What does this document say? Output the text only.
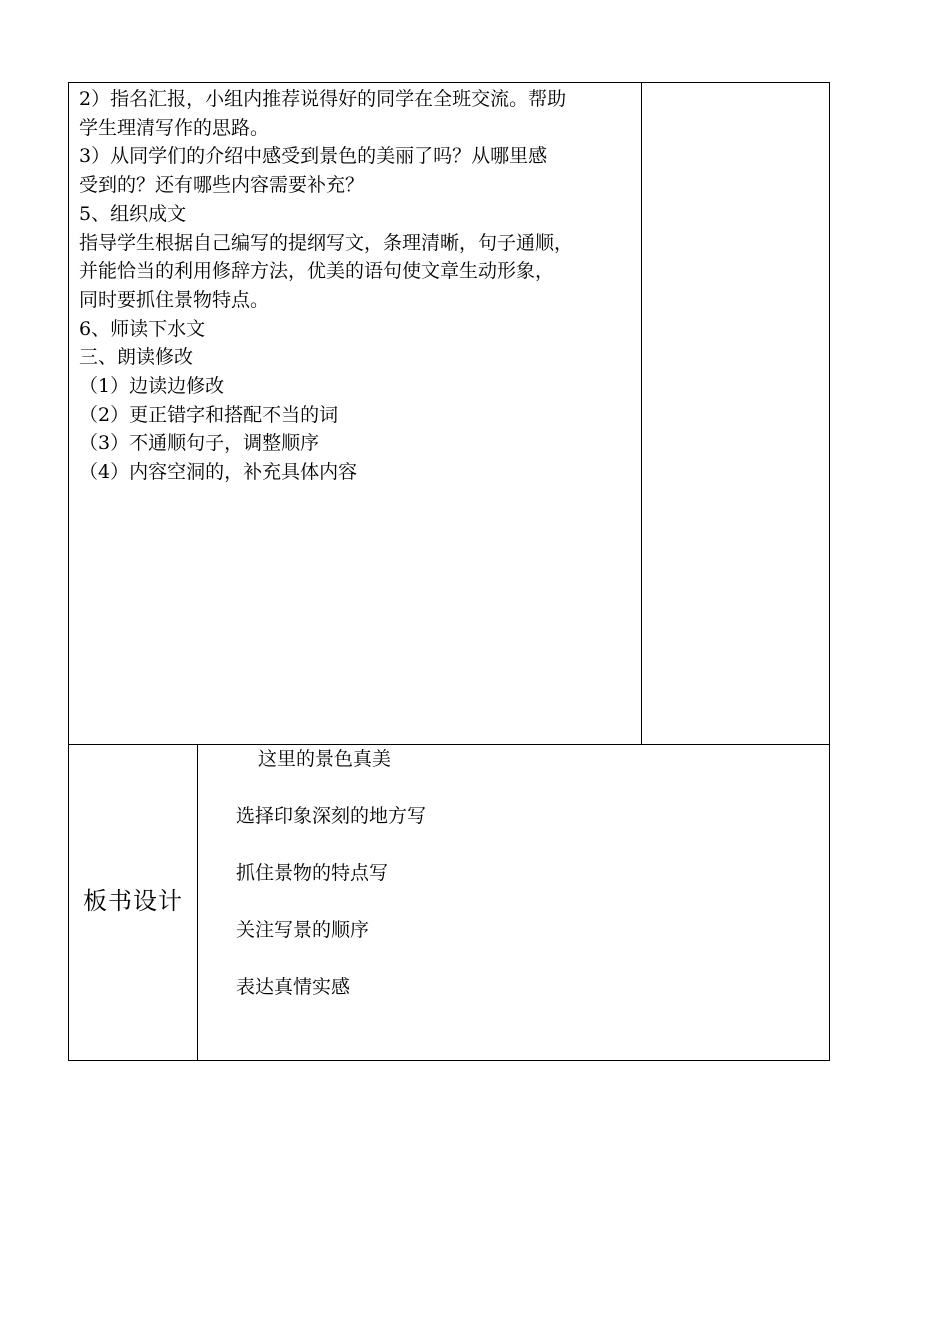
2）指名汇报，小组内推荐说得好的同学在全班交流。帮助
学生理清写作的思路。
3）从同学们的介绍中感受到景色的美丽了吗？从哪里感
受到的？还有哪些内容需要补充？
5、组织成文
指导学生根据自己编写的提纲写文，条理清晰，句子通顺，
并能恰当的利用修辞方法，优美的语句使文章生动形象，
同时要抓住景物特点。
6、师读下水文
三、朗读修改
（1）边读边修改
（2）更正错字和搭配不当的词
（3）不通顺句子，调整顺序
（4）内容空洞的，补充具体内容
板书设计
这里的景色真美
选择印象深刻的地方写
抓住景物的特点写
关注写景的顺序
表达真情实感
